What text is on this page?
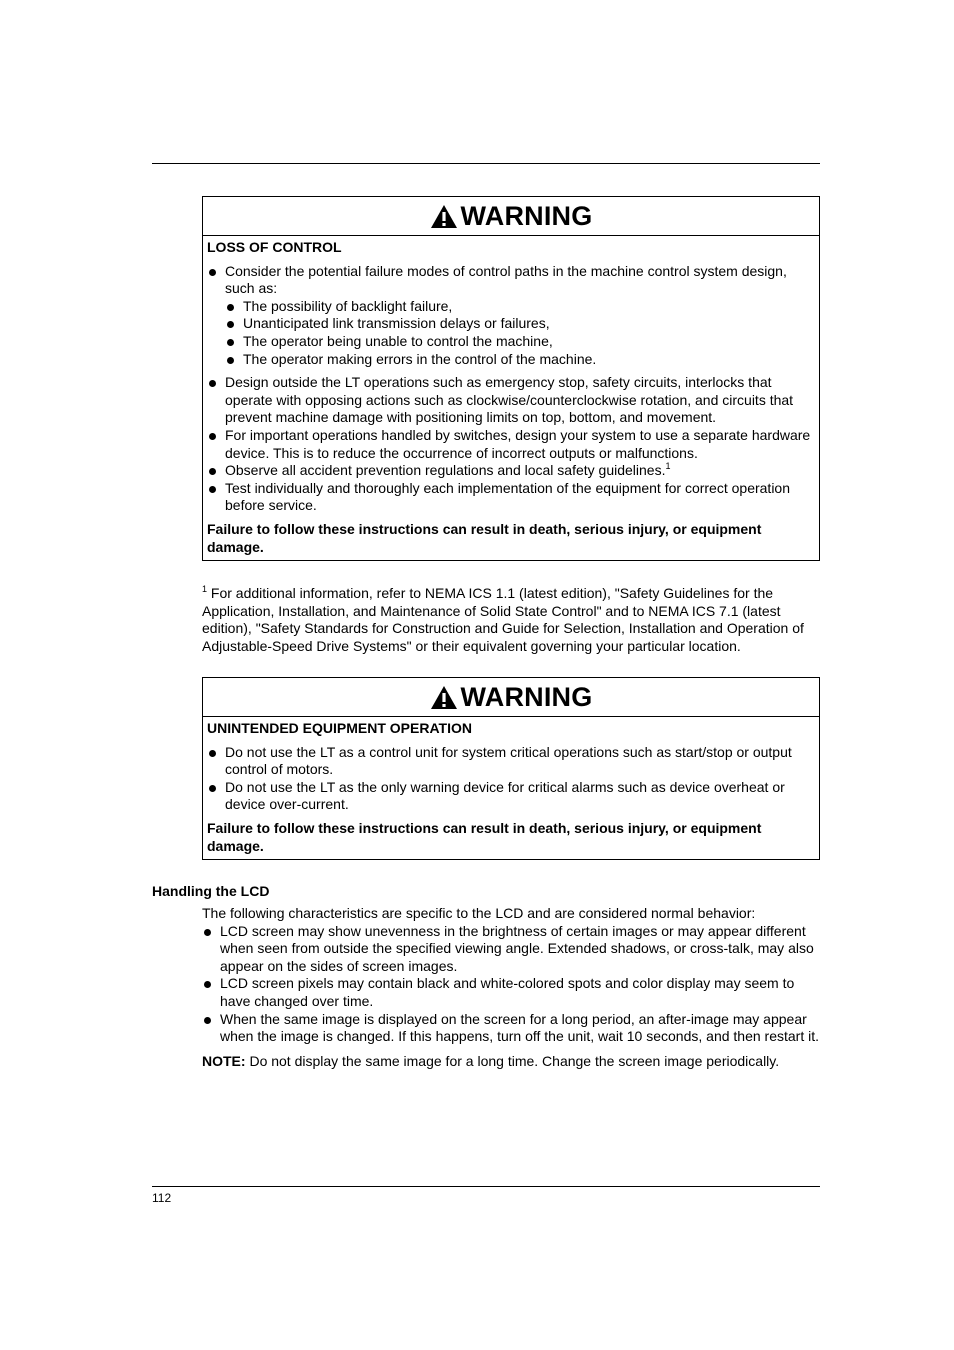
WARNING
LOSS OF CONTROL
Consider the potential failure modes of control paths in the machine control system design, such as:
The possibility of backlight failure,
Unanticipated link transmission delays or failures,
The operator being unable to control the machine,
The operator making errors in the control of the machine.
Design outside the LT operations such as emergency stop, safety circuits, interlocks that operate with opposing actions such as clockwise/counterclockwise rotation, and circuits that prevent machine damage with positioning limits on top, bottom, and movement.
For important operations handled by switches, design your system to use a separate hardware device. This is to reduce the occurrence of incorrect outputs or malfunctions.
Observe all accident prevention regulations and local safety guidelines.$^1$
Test individually and thoroughly each implementation of the equipment for correct operation before service.
Failure to follow these instructions can result in death, serious injury, or equipment damage.
$^1$ For additional information, refer to NEMA ICS 1.1 (latest edition), "Safety Guidelines for the Application, Installation, and Maintenance of Solid State Control" and to NEMA ICS 7.1 (latest edition), "Safety Standards for Construction and Guide for Selection, Installation and Operation of Adjustable-Speed Drive Systems" or their equivalent governing your particular location.
WARNING
UNINTENDED EQUIPMENT OPERATION
Do not use the LT as a control unit for system critical operations such as start/stop or output control of motors.
Do not use the LT as the only warning device for critical alarms such as device overheat or device over-current.
Failure to follow these instructions can result in death, serious injury, or equipment damage.
Handling the LCD
The following characteristics are specific to the LCD and are considered normal behavior:
LCD screen may show unevenness in the brightness of certain images or may appear different when seen from outside the specified viewing angle. Extended shadows, or cross-talk, may also appear on the sides of screen images.
LCD screen pixels may contain black and white-colored spots and color display may seem to have changed over time.
When the same image is displayed on the screen for a long period, an after-image may appear when the image is changed. If this happens, turn off the unit, wait 10 seconds, and then restart it.
NOTE: Do not display the same image for a long time. Change the screen image periodically.
112
